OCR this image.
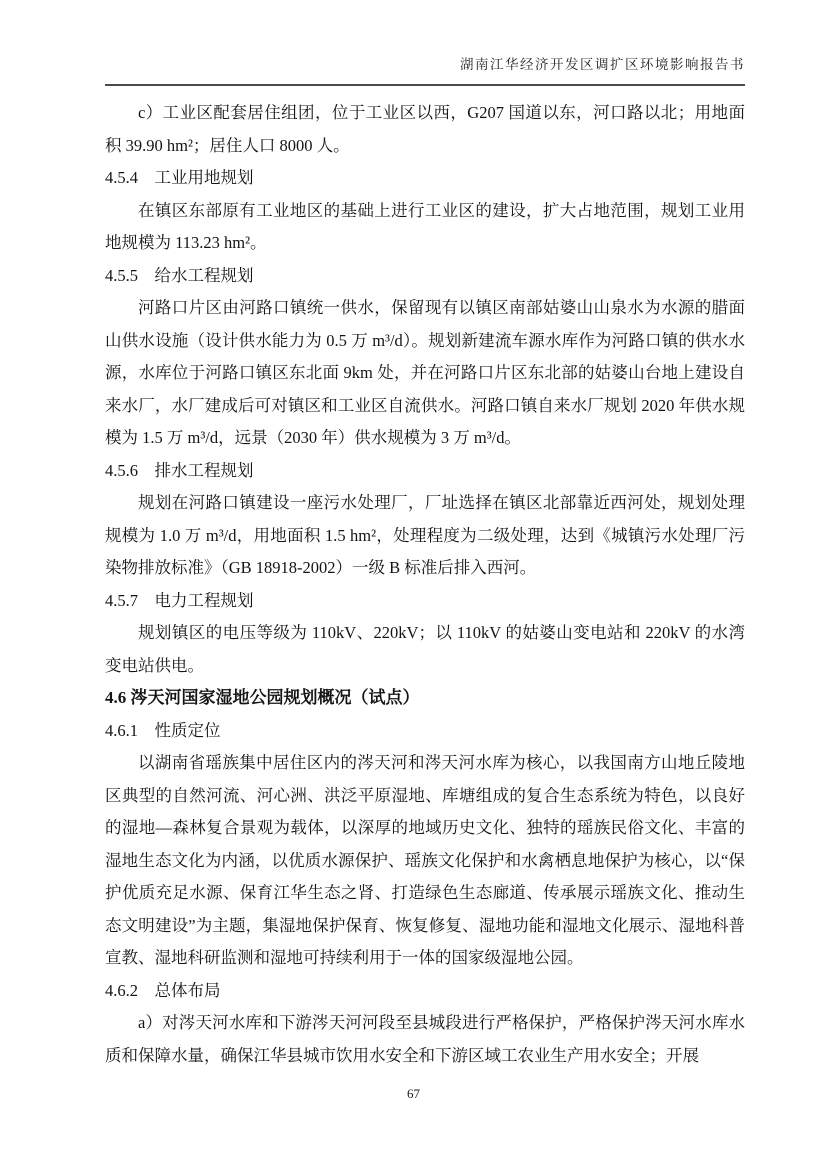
湖南江华经济开发区调扩区环境影响报告书

c）工业区配套居住组团，位于工业区以西，G207 国道以东，河口路以北；用地面积 39.90 hm²；居住人口 8000 人。

4.5.4　工业用地规划

在镇区东部原有工业地区的基础上进行工业区的建设，扩大占地范围，规划工业用地规模为 113.23 hm²。

4.5.5　给水工程规划

河路口片区由河路口镇统一供水，保留现有以镇区南部姑婆山山泉水为水源的腊面山供水设施（设计供水能力为 0.5 万 m³/d）。规划新建流车源水库作为河路口镇的供水水源，水库位于河路口镇区东北面 9km 处，并在河路口片区东北部的姑婆山台地上建设自来水厂，水厂建成后可对镇区和工业区自流供水。河路口镇自来水厂规划 2020 年供水规模为 1.5 万 m³/d，远景（2030 年）供水规模为 3 万 m³/d。

4.5.6　排水工程规划

规划在河路口镇建设一座污水处理厂，厂址选择在镇区北部靠近西河处，规划处理规模为 1.0 万 m³/d，用地面积 1.5 hm²，处理程度为二级处理，达到《城镇污水处理厂污染物排放标准》（GB 18918-2002）一级 B 标准后排入西河。

4.5.7　电力工程规划

规划镇区的电压等级为 110kV、220kV；以 110kV 的姑婆山变电站和 220kV 的水湾变电站供电。

4.6 涔天河国家湿地公园规划概况（试点）
4.6.1　性质定位

以湖南省瑶族集中居住区内的涔天河和涔天河水库为核心，以我国南方山地丘陵地区典型的自然河流、河心洲、洪泛平原湿地、库塘组成的复合生态系统为特色，以良好的湿地—森林复合景观为载体，以深厚的地域历史文化、独特的瑶族民俗文化、丰富的湿地生态文化为内涵，以优质水源保护、瑶族文化保护和水禽栖息地保护为核心，以“保护优质充足水源、保育江华生态之肾、打造绿色生态廊道、传承展示瑶族文化、推动生态文明建设”为主题，集湿地保护保育、恢复修复、湿地功能和湿地文化展示、湿地科普宣教、湿地科研监测和湿地可持续利用于一体的国家级湿地公园。

4.6.2　总体布局

a）对涔天河水库和下游涔天河河段至县城段进行严格保护，严格保护涔天河水库水质和保障水量，确保江华县城市饮用水安全和下游区域工农业生产用水安全；开展

67
